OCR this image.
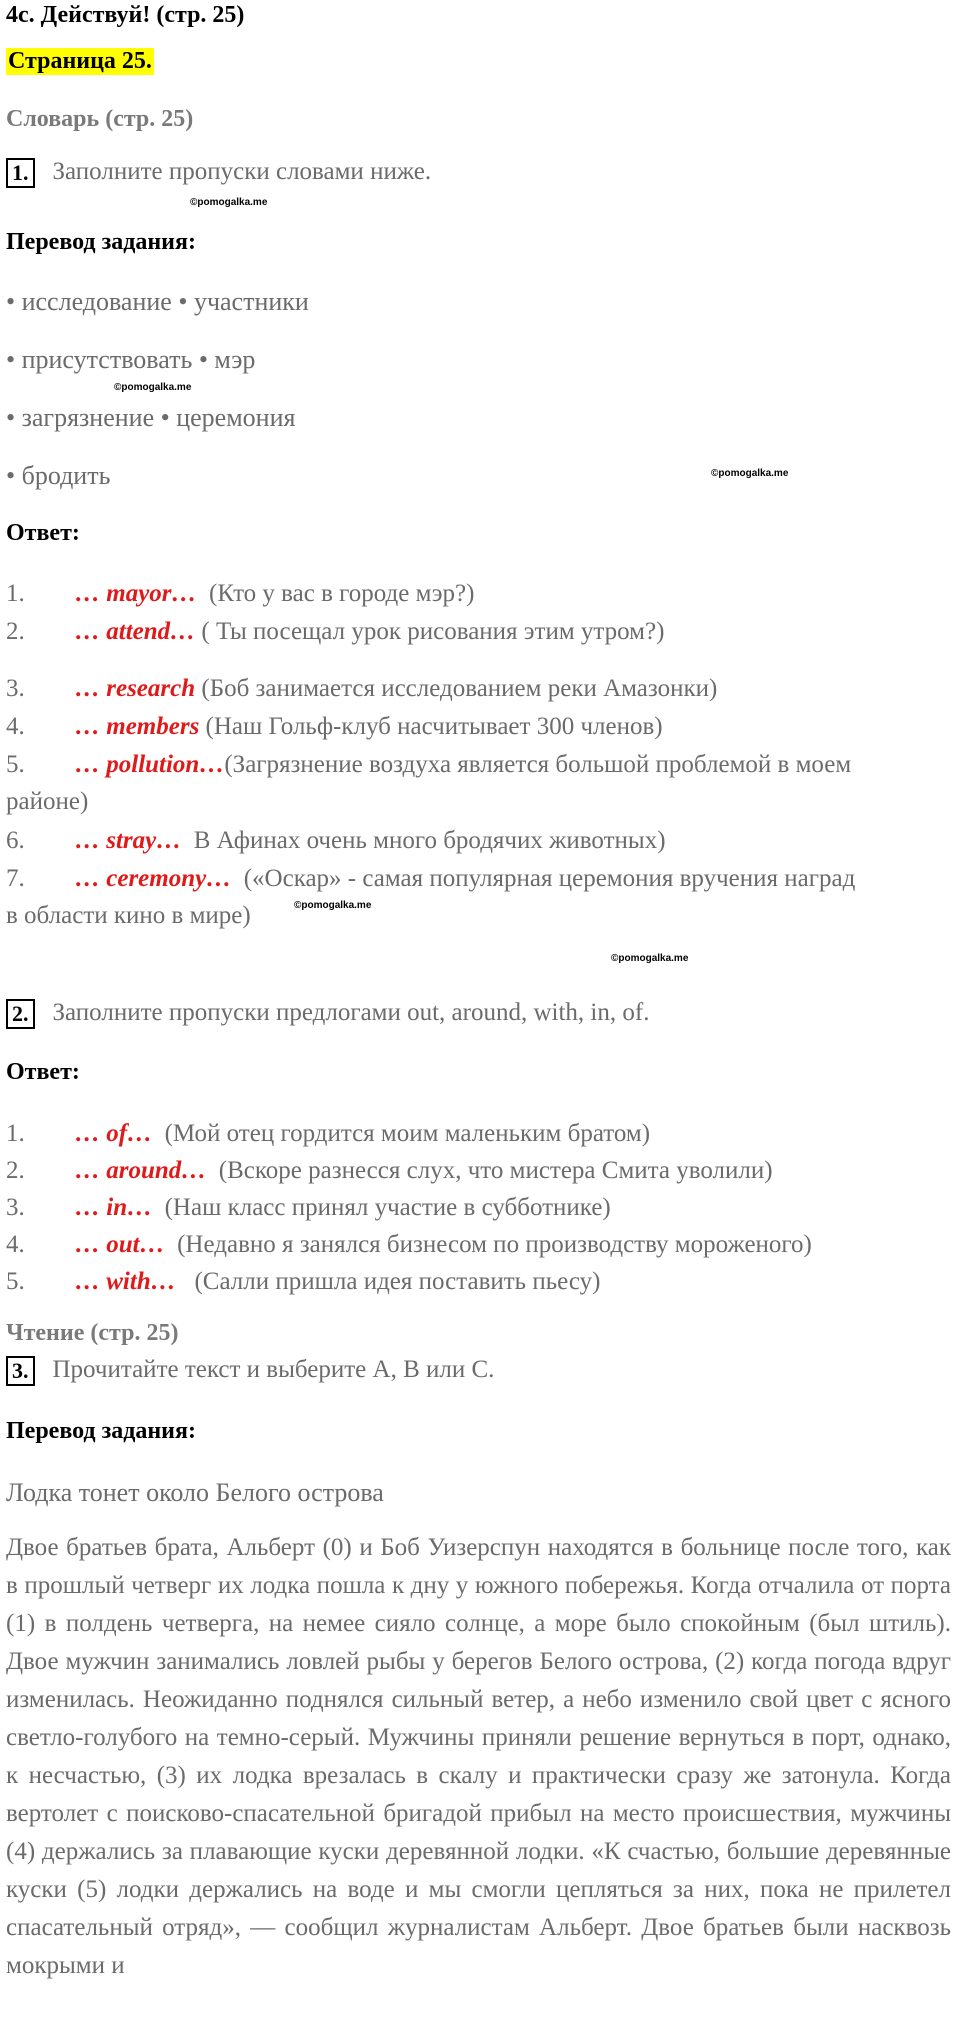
4c. Действуй! (стр. 25)
Страница 25.
Словарь (стр. 25)
1. Заполните пропуски словами ниже.
©pomogalka.me
Перевод задания:
• исследование • участники
• присутствовать • мэр
©pomogalka.me
• загрязнение • церемония
• бродить	©pomogalka.me
Ответ:
1. … mayor… (Кто у вас в городе мэр?)
2. … attend… ( Ты посещал урок рисования этим утром?)
3. … research (Боб занимается исследованием реки Амазонки)
4. … members (Наш Гольф-клуб насчитывает 300 членов)
5. … pollution…(Загрязнение воздуха является большой проблемой в моем
районе)
6. … stray… В Афинах очень много бродячих животных)
7. … ceremony… («Оскар» - самая популярная церемония вручения наград
в области кино в мире)	©pomogalka.me
©pomogalka.me
2. Заполните пропуски предлогами out, around, with, in, of.
Ответ:
1. … of… (Мой отец гордится моим маленьким братом)
2. … around… (Вскоре разнесся слух, что мистера Смита уволили)
3. … in… (Наш класс принял участие в субботнике)
4. … out… (Недавно я занялся бизнесом по производству мороженого)
5. … with… (Салли пришла идея поставить пьесу)
Чтение (стр. 25)
3. Прочитайте текст и выберите A, B или C.
Перевод задания:
Лодка тонет около Белого острова
Двое братьев брата, Альберт (0) и Боб Уизерспун находятся в больнице после того, как в прошлый четверг их лодка пошла к дну у южного побережья. Когда отчалила от порта (1) в полдень четверга, на немее сияло солнце, а море было спокойным (был штиль). Двое мужчин занимались ловлей рыбы у берегов Белого острова, (2) когда погода вдруг изменилась. Неожиданно поднялся сильный ветер, а небо изменило свой цвет с ясного светло-голубого на темно-серый. Мужчины приняли решение вернуться в порт, однако, к несчастью, (3) их лодка врезалась в скалу и практически сразу же затонула. Когда вертолет с поисково-спасательной бригадой прибыл на место происшествия, мужчины (4) держались за плавающие куски деревянной лодки. «К счастью, большие деревянные куски (5) лодки держались на воде и мы смогли цепляться за них, пока не прилетел спасательный отряд», — сообщил журналистам Альберт. Двое братьев были насквозь мокрыми и
